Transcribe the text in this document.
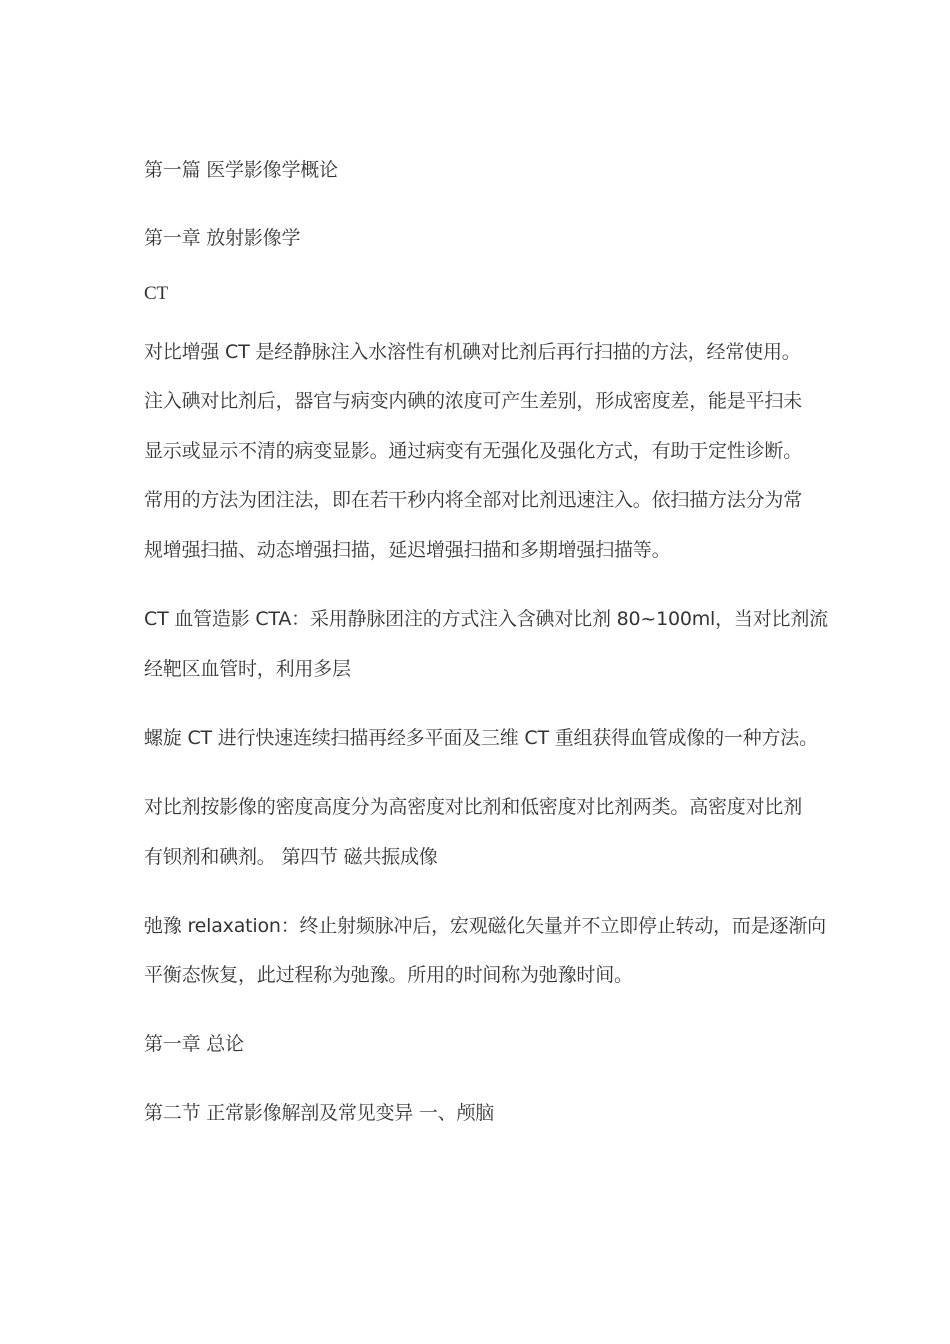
第一篇 医学影像学概论
第一章 放射影像学
CT
对比增强 CT 是经静脉注入水溶性有机碘对比剂后再行扫描的方法，经常使用。
注入碘对比剂后，器官与病变内碘的浓度可产生差别，形成密度差，能是平扫未
显示或显示不清的病变显影。通过病变有无强化及强化方式，有助于定性诊断。
常用的方法为团注法，即在若干秒内将全部对比剂迅速注入。依扫描方法分为常
规增强扫描、动态增强扫描，延迟增强扫描和多期增强扫描等。
CT 血管造影 CTA：采用静脉团注的方式注入含碘对比剂 80~100ml，当对比剂流
经靶区血管时，利用多层
螺旋 CT 进行快速连续扫描再经多平面及三维 CT 重组获得血管成像的一种方法。
对比剂按影像的密度高度分为高密度对比剂和低密度对比剂两类。高密度对比剂
有钡剂和碘剂。 第四节 磁共振成像
弛豫 relaxation：终止射频脉冲后，宏观磁化矢量并不立即停止转动，而是逐渐向
平衡态恢复，此过程称为弛豫。所用的时间称为弛豫时间。
第一章 总论
第二节 正常影像解剖及常见变异 一、颅脑
